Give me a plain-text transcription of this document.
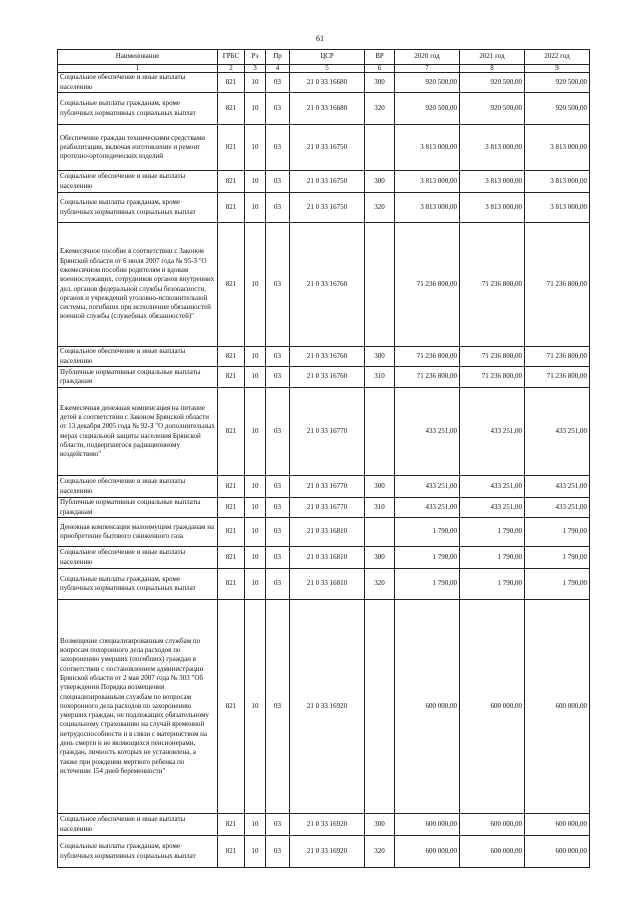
61
Наименование	ГРБС	Рз	Пр	ЦСР	ВР	2020 год	2021 год	2022 год
1	2	3	4	5	6	7	8	9
Социальное обеспечение и иные выплаты населению	821	10	03	21 0 33 16680	300	920 500,00	920 500,00	920 500,00
Социальные выплаты гражданам, кроме публичных нормативных социальных выплат	821	10	03	21 0 33 16680	320	920 500,00	920 500,00	920 500,00
Обеспечение граждан техническими средствами реабилитации, включая изготовление и ремонт протезно-ортопедических изделий	821	10	03	21 0 33 16750		3 813 000,00	3 813 000,00	3 813 000,00
Социальное обеспечение и иные выплаты населению	821	10	03	21 0 33 16750	300	3 813 000,00	3 813 000,00	3 813 000,00
Социальные выплаты гражданам, кроме публичных нормативных социальных выплат	821	10	03	21 0 33 16750	320	3 813 000,00	3 813 000,00	3 813 000,00
Ежемесячное пособие в соответствии с Законом Брянской области от 6 июля 2007 года № 95-З "О ежемесячном пособии родителям и вдовам военнослужащих, сотрудников органов внутренних дел, органов федеральной службы безопасности, органов и учреждений уголовно-исполнительной системы, погибших при исполнении обязанностей военной службы (служебных обязанностей)"	821	10	03	21 0 33 16760		71 236 800,00	71 236 800,00	71 236 800,00
Социальное обеспечение и иные выплаты населению	821	10	03	21 0 33 16760	300	71 236 800,00	71 236 800,00	71 236 800,00
Публичные нормативные социальные выплаты гражданам	821	10	03	21 0 33 16760	310	71 236 800,00	71 236 800,00	71 236 800,00
Ежемесячная денежная компенсация на питание детей в соответствии с Законом Брянской области от 13 декабря 2005 года № 92-З "О дополнительных мерах социальной защиты населения Брянской области, подвергшегося радиационному воздействию"	821	10	03	21 0 33 16770		433 251,00	433 251,00	433 251,00
Социальное обеспечение и иные выплаты населению	821	10	03	21 0 33 16770	300	433 251,00	433 251,00	433 251,00
Публичные нормативные социальные выплаты гражданам	821	10	03	21 0 33 16770	310	433 251,00	433 251,00	433 251,00
Денежная компенсация малоимущим гражданам на приобретение бытового сжиженного газа	821	10	03	21 0 33 16810		1 790,00	1 790,00	1 790,00
Социальное обеспечение и иные выплаты населению	821	10	03	21 0 33 16810	300	1 790,00	1 790,00	1 790,00
Социальные выплаты гражданам, кроме публичных нормативных социальных выплат	821	10	03	21 0 33 16810	320	1 790,00	1 790,00	1 790,00
Возмещение специализированным службам по вопросам похоронного дела расходов по захоронению умерших (погибших) граждан в соответствии с постановлением администрации Брянской области от 2 мая 2007 года № 303 "Об утверждении Порядка возмещения специализированным службам по вопросам похоронного дела расходов по захоронению умерших граждан, не подлежащих обязательному социальному страхованию на случай временной нетрудоспособности и в связи с материнством на день смерти и не являющихся пенсионерами, граждан, личность которых не установлена, а также при рождении мертвого ребенка по истечении 154 дней беременности"	821	10	03	21 0 33 16920		600 000,00	600 000,00	600 000,00
Социальное обеспечение и иные выплаты населению	821	10	03	21 0 33 16920	300	600 000,00	600 000,00	600 000,00
Социальные выплаты гражданам, кроме публичных нормативных социальных выплат	821	10	03	21 0 33 16920	320	600 000,00	600 000,00	600 000,00
